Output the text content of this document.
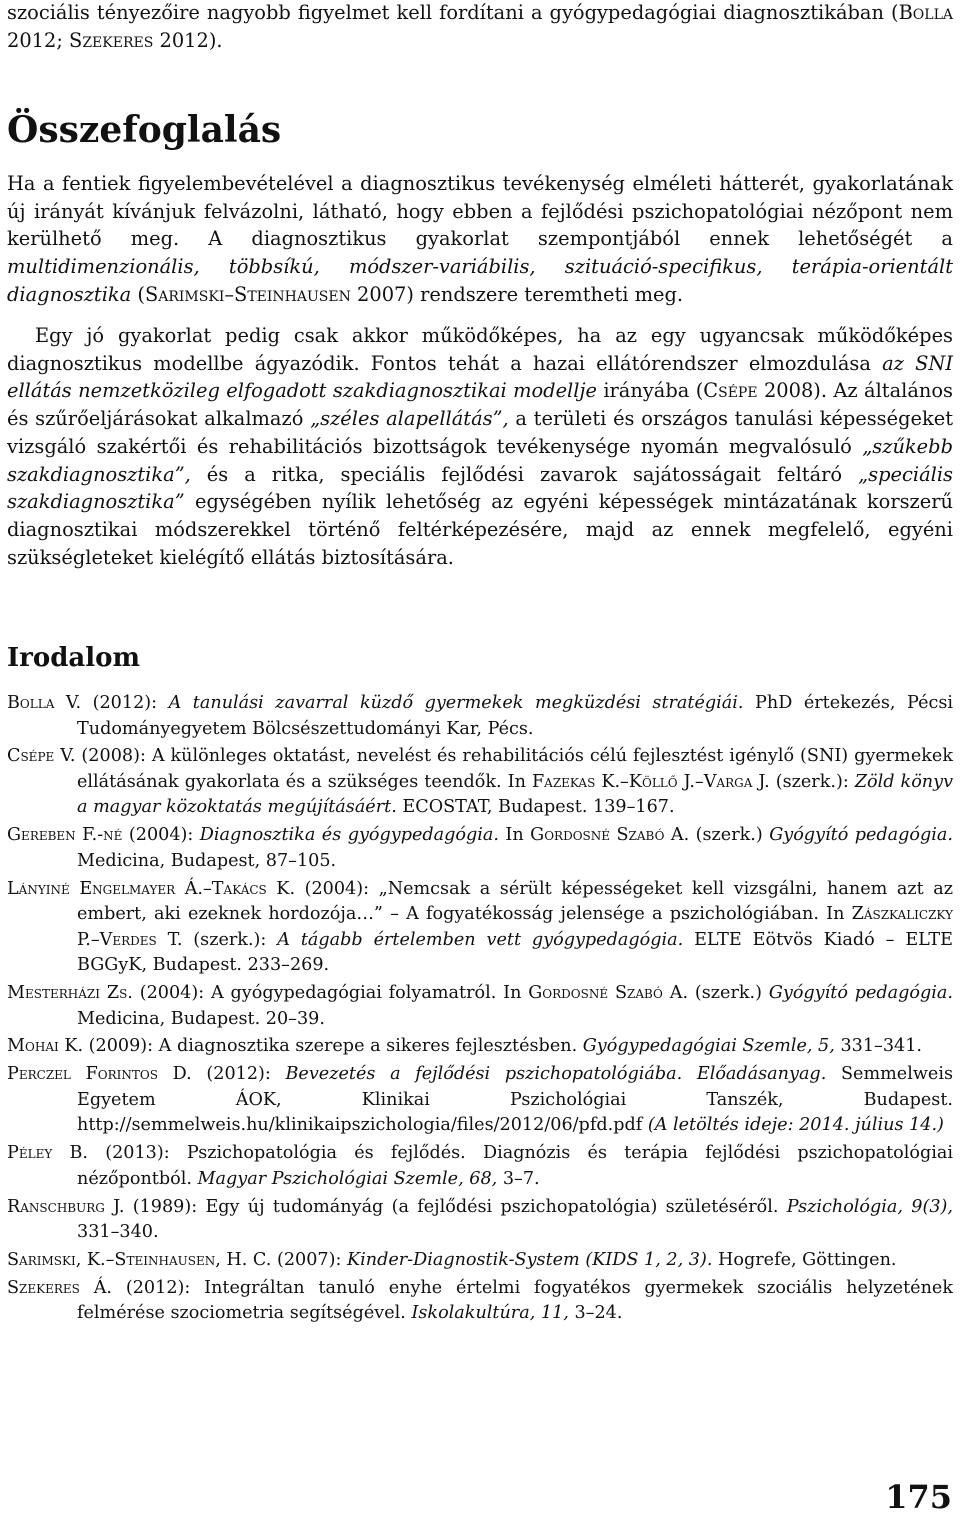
szociális tényezőire nagyobb figyelmet kell fordítani a gyógypedagógiai diagnosztikában (Bolla 2012; Szekeres 2012).

Összefoglalás

Ha a fentiek figyelembevételével a diagnosztikus tevékenység elméleti hátterét, gyakorlatának új irányát kívánjuk felvázolni, látható, hogy ebben a fejlődési pszichopatológiai nézőpont nem kerülhető meg. A diagnosztikus gyakorlat szempontjából ennek lehetőségét a multidimenzionális, többsíkú, módszer-variábilis, szituáció-specifikus, terápia-orientált diagnosztika (Sarimski–Steinhausen 2007) rendszere teremtheti meg.

Egy jó gyakorlat pedig csak akkor működőképes, ha az egy ugyancsak működőképes diagnosztikus modellbe ágyazódik. Fontos tehát a hazai ellátórendszer elmozdulása az SNI ellátás nemzetközileg elfogadott szakdiagnosztikai modellje irányába (Csépe 2008). Az általános és szűrőeljárásokat alkalmazó „széles alapellátás”, a területi és országos tanulási képességeket vizsgáló szakértői és rehabilitációs bizottságok tevékenysége nyomán megvalósuló „szűkebb szakdiagnosztika”, és a ritka, speciális fejlődési zavarok sajátosságait feltáró „speciális szakdiagnosztika” egységében nyílik lehetőség az egyéni képességek mintázatának korszerű diagnosztikai módszerekkel történő feltérképezésére, majd az ennek megfelelő, egyéni szükségleteket kielégítő ellátás biztosítására.

Irodalom

Bolla V. (2012): A tanulási zavarral küzdő gyermekek megküzdési stratégiái. PhD értekezés, Pécsi Tudományegyetem Bölcsészettudományi Kar, Pécs.

Csépe V. (2008): A különleges oktatást, nevelést és rehabilitációs célú fejlesztést igénylő (SNI) gyermekek ellátásának gyakorlata és a szükséges teendők. In Fazekas K.–Köllő J.–Varga J. (szerk.): Zöld könyv a magyar közoktatás megújításáért. ECOSTAT, Budapest. 139–167.

Gereben F.-né (2004): Diagnosztika és gyógypedagógia. In Gordosné Szabó A. (szerk.) Gyógyító pedagógia. Medicina, Budapest, 87–105.

Lányiné Engelmayer Á.–Takács K. (2004): „Nemcsak a sérült képességeket kell vizsgálni, hanem azt az embert, aki ezeknek hordozója…” – A fogyatékosság jelensége a pszichológiában. In Zászkaliczky P.–Verdes T. (szerk.): A tágabb értelemben vett gyógypedagógia. ELTE Eötvös Kiadó – ELTE BGGyK, Budapest. 233–269.

Mesterházi Zs. (2004): A gyógypedagógiai folyamatról. In Gordosné Szabó A. (szerk.) Gyógyító pedagógia. Medicina, Budapest. 20–39.

Mohai K. (2009): A diagnosztika szerepe a sikeres fejlesztésben. Gyógypedagógiai Szemle, 5, 331–341.

Perczel Forintos D. (2012): Bevezetés a fejlődési pszichopatológiába. Előadásanyag. Semmelweis Egyetem ÁOK, Klinikai Pszichológiai Tanszék, Budapest. http://semmelweis.hu/klinikaipszichologia/files/2012/06/pfd.pdf (A letöltés ideje: 2014. július 14.)

Péley B. (2013): Pszichopatológia és fejlődés. Diagnózis és terápia fejlődési pszichopatológiai nézőpontból. Magyar Pszichológiai Szemle, 68, 3–7.

Ranschburg J. (1989): Egy új tudományág (a fejlődési pszichopatológia) születéséről. Pszichológia, 9(3), 331–340.

Sarimski, K.–Steinhausen, H. C. (2007): Kinder-Diagnostik-System (KIDS 1, 2, 3). Hogrefe, Göttingen.

Szekeres Á. (2012): Integráltan tanuló enyhe értelmi fogyatékos gyermekek szociális helyzetének felmérése szociometria segítségével. Iskolakultúra, 11, 3–24.

175
